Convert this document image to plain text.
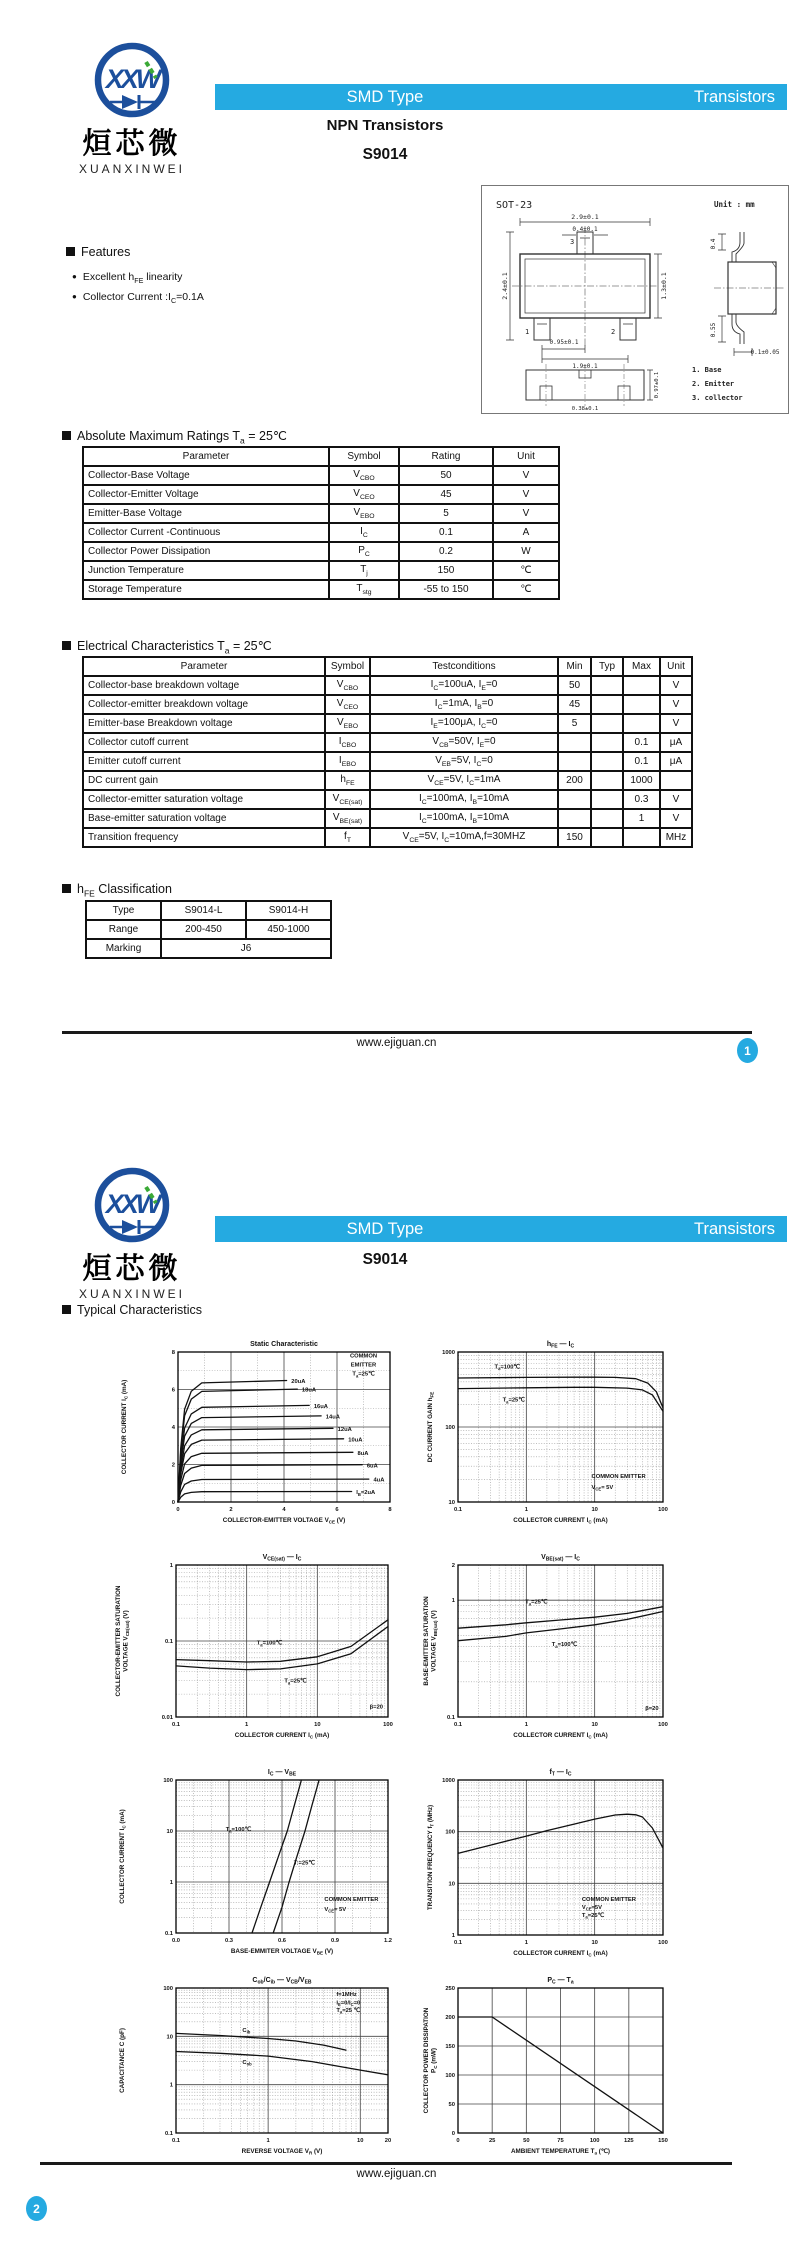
XXW
烜芯微
XUANXINWEI
SMD Type	Transistors
NPN Transistors
S9014
SOT-23	Unit : mm
2.9±0.1
0.4±0.1
2.4±0.1	1.3±0.1
0.95±0.1
1.9±0.1
3
1	2
0.4
0.55
0.1±0.05
0.97±0.1
0.38±0.1
1. Base
2. Emitter
3. collector
Features
● Excellent $h_{FE}$ linearity
● Collector Current $:I_C=0.1A$
Absolute Maximum Ratings $T_a$ = 25℃
Parameter	Symbol	Rating	Unit
Collector-Base Voltage	$V_{CBO}$	50	V
Collector-Emitter Voltage	$V_{CEO}$	45	V
Emitter-Base Voltage	$V_{EBO}$	5	V
Collector Current -Continuous	$I_C$	0.1	A
Collector Power Dissipation	$P_C$	0.2	W
Junction Temperature	$T_j$	150	℃
Storage Temperature	$T_{stg}$	-55 to 150	℃
Electrical Characteristics $T_a$ = 25℃
Parameter	Symbol	Testconditions	Min	Typ	Max	Unit
Collector-base breakdown voltage	$V_{CBO}$	$I_C=100uA$, $I_E=0$	50			V
Collector-emitter breakdown voltage	$V_{CEO}$	$I_C=1mA$, $I_B=0$	45			V
Emitter-base Breakdown voltage	$V_{EBO}$	$I_E=100\mu A$, $I_C=0$	5			V
Collector cutoff current	$I_{CBO}$	$V_{CB}=50V$, $I_E=0$			0.1	μA
Emitter cutoff current	$I_{EBO}$	$V_{EB}=5V$, $I_C=0$			0.1	μA
DC current gain	$h_{FE}$	$V_{CE}=5V$, $I_C=1mA$	200		1000	
Collector-emitter saturation voltage	$V_{CE(sat)}$	$I_C=100mA$, $I_B=10mA$			0.3	V
Base-emitter saturation voltage	$V_{BE(sat)}$	$I_C=100mA$, $I_B=10mA$			1	V
Transition frequency	$f_T$	$V_{CE}=5V$, $I_C=10mA,f=30MHZ$	150			MHz
$h_{FE}$ Classification
Type	S9014-L	S9014-H
Range	200-450	450-1000
Marking	J6	
www.ejiguan.cn
1
XXW
烜芯微
XUANXINWEI
SMD Type	Transistors
S9014
Typical Characteristics
20uA
18uA
16uA
14uA
12uA
10uA
8uA
6uA
4uA
$I_B=2uA$
COMMON
EMITTER
$T_a=25℃$
0	2	4	6	8
0
2
4
6
8
COLLECTOR-EMITTER VOLTAGE $V_{CE}$ (V)
COLLECTOR CURRENT $I_C$ (mA)
Static Characteristic
$T_a=100℃$
$T_a=25℃$
COMMON EMITTER
$V_{CE}= 5V$
0.1	1	10	100
10
100
1000
COLLECTOR CURRENT $I_C$ (mA)
DC CURRENT GAIN $h_{FE}$
$h_{FE}$ — $I_C$
$T_a=100℃$
$T_a=25℃$
β=20
0.1	1	10	100
0.01
0.1
1
COLLECTOR CURRENT $I_C$ (mA)
COLLECTOR-EMITTER SATURATION VOLTAGE $V_{CE(sat)}$ (V)
$V_{CE(sat)}$ — $I_C$
$T_a=25℃$
$T_a=100℃$
β=20
0.1	1	10	100
0.1
1
2
COLLECTOR CURRENT $I_C$ (mA)
BASE-EMITTER SATURATION VOLTAGE $V_{BE(sat)}$ (V)
$V_{BE(sat)}$ — $I_C$
$T_a=100℃$
T:=25℃
COMMON EMITTER
$V_{CE}= 5V$
0.0	0.3	0.6	0.9	1.2
0.1
1
10
100
BASE-EMMITER VOLTAGE $V_{BE}$ (V)
COLLECTOR CURRENT $I_C$ (mA)
$I_C$ — $V_{BE}$
COMMON EMITTER
$V_{CE}=5V$
$T_a=25℃$
0.1	1	10	100
1
10
100
1000
COLLECTOR CURRENT $I_C$ (mA)
TRANSITION FREQUENCY $f_T$ (MHz)
$f_T$ — $I_C$
$C_{ib}$
$C_{ob}$
f=1MHz
$I_E=0/I_C=0$
$T_a=25$ ℃
0.1	1	10	20
0.1
1
10
100
REVERSE VOLTAGE $V_R$ (V)
CAPACITANCE C (pF)
$C_{ob}/C_{ib}$ — $V_{CB}/V_{EB}$
0	25	50	75	100	125	150
0
50
100
150
200
250
AMBIENT TEMPERATURE $T_a$ (℃)
COLLECTOR POWER DISSIPATION $P_C$ (mW)
$P_C$ — $T_a$
www.ejiguan.cn
2
